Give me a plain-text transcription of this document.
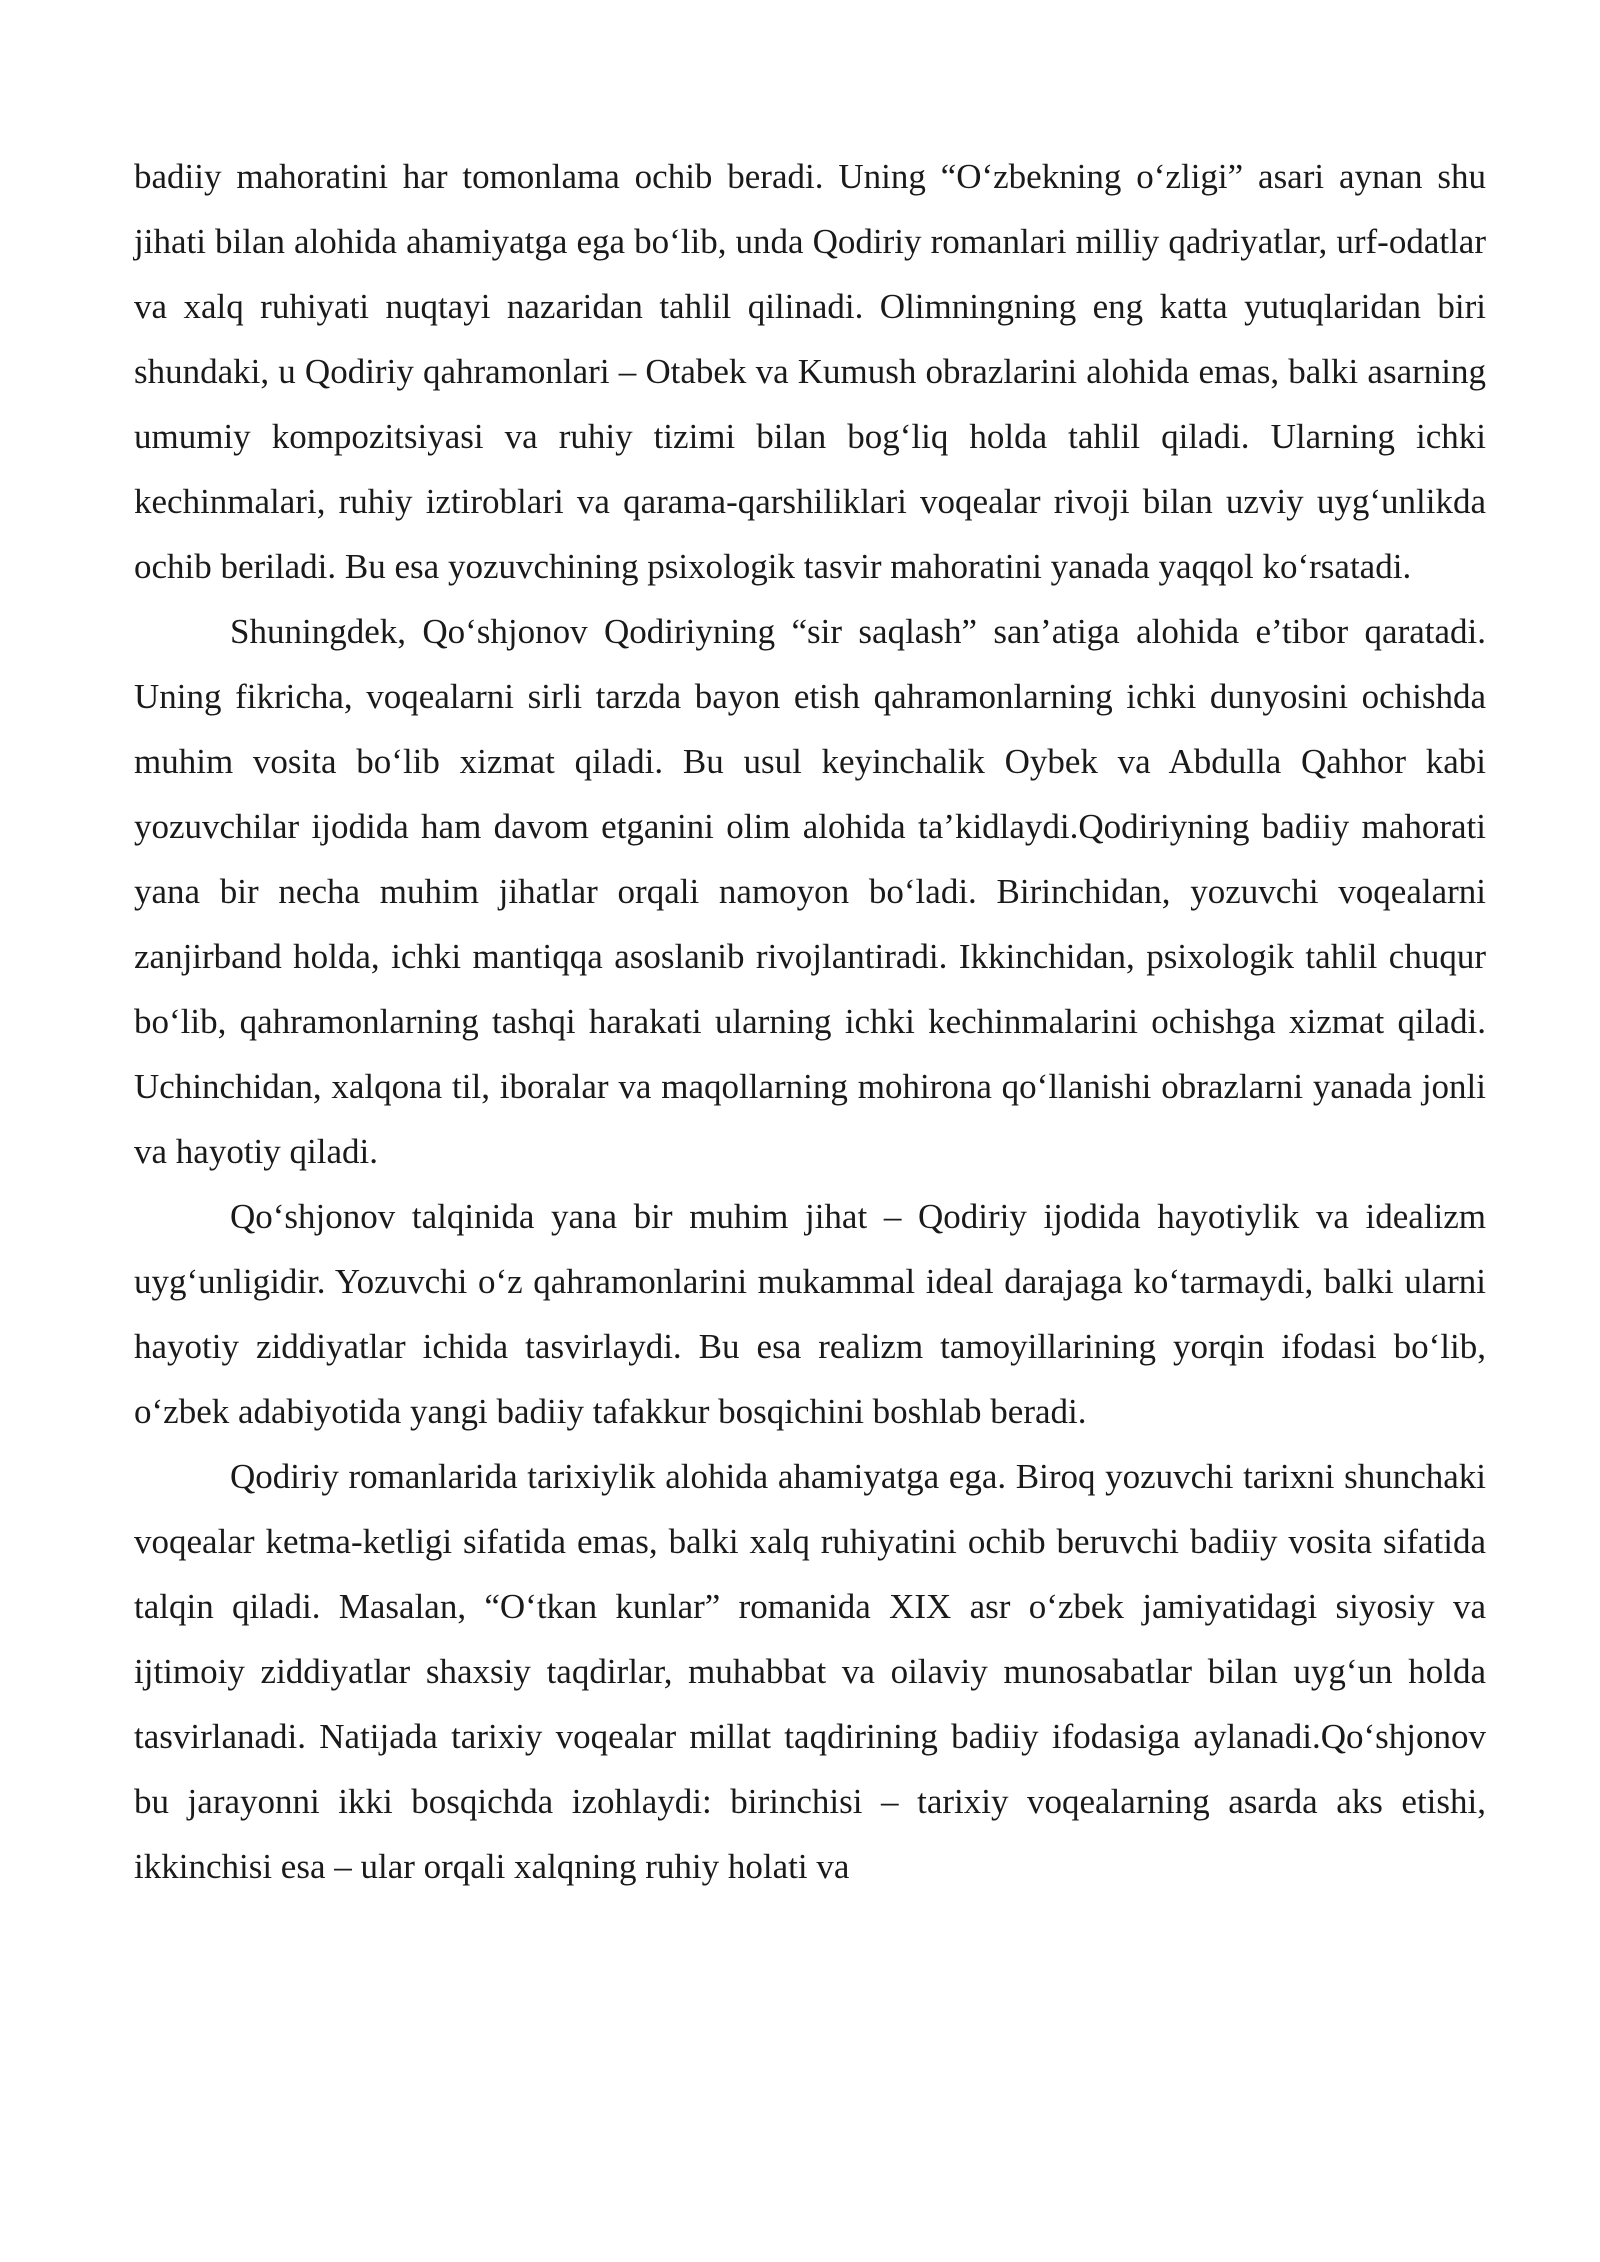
badiiy mahoratini har tomonlama ochib beradi. Uning “O‘zbekning o‘zligi” asari aynan shu jihati bilan alohida ahamiyatga ega bo‘lib, unda Qodiriy romanlari milliy qadriyatlar, urf-odatlar va xalq ruhiyati nuqtayi nazaridan tahlil qilinadi. Olimningning eng katta yutuqlaridan biri shundaki, u Qodiriy qahramonlari – Otabek va Kumush obrazlarini alohida emas, balki asarning umumiy kompozitsiyasi va ruhiy tizimi bilan bog‘liq holda tahlil qiladi. Ularning ichki kechinmalari, ruhiy iztiroblari va qarama-qarshiliklari voqealar rivoji bilan uzviy uyg‘unlikda ochib beriladi. Bu esa yozuvchining psixologik tasvir mahoratini yanada yaqqol ko‘rsatadi.

Shuningdek, Qo‘shjonov Qodiriyning “sir saqlash” san’atiga alohida e’tibor qaratadi. Uning fikricha, voqealarni sirli tarzda bayon etish qahramonlarning ichki dunyosini ochishda muhim vosita bo‘lib xizmat qiladi. Bu usul keyinchalik Oybek va Abdulla Qahhor kabi yozuvchilar ijodida ham davom etganini olim alohida ta’kidlaydi.Qodiriyning badiiy mahorati yana bir necha muhim jihatlar orqali namoyon bo‘ladi. Birinchidan, yozuvchi voqealarni zanjirband holda, ichki mantiqqa asoslanib rivojlantiradi. Ikkinchidan, psixologik tahlil chuqur bo‘lib, qahramonlarning tashqi harakati ularning ichki kechinmalarini ochishga xizmat qiladi. Uchinchidan, xalqona til, iboralar va maqollarning mohirona qo‘llanishi obrazlarni yanada jonli va hayotiy qiladi.

Qo‘shjonov talqinida yana bir muhim jihat – Qodiriy ijodida hayotiylik va idealizm uyg‘unligidir. Yozuvchi o‘z qahramonlarini mukammal ideal darajaga ko‘tarmaydi, balki ularni hayotiy ziddiyatlar ichida tasvirlaydi. Bu esa realizm tamoyillarining yorqin ifodasi bo‘lib, o‘zbek adabiyotida yangi badiiy tafakkur bosqichini boshlab beradi.

Qodiriy romanlarida tarixiylik alohida ahamiyatga ega. Biroq yozuvchi tarixni shunchaki voqealar ketma-ketligi sifatida emas, balki xalq ruhiyatini ochib beruvchi badiiy vosita sifatida talqin qiladi. Masalan, “O‘tkan kunlar” romanida XIX asr o‘zbek jamiyatidagi siyosiy va ijtimoiy ziddiyatlar shaxsiy taqdirlar, muhabbat va oilaviy munosabatlar bilan uyg‘un holda tasvirlanadi. Natijada tarixiy voqealar millat taqdirining badiiy ifodasiga aylanadi.Qo‘shjonov bu jarayonni ikki bosqichda izohlaydi: birinchisi – tarixiy voqealarning asarda aks etishi, ikkinchisi esa – ular orqali xalqning ruhiy holati va
